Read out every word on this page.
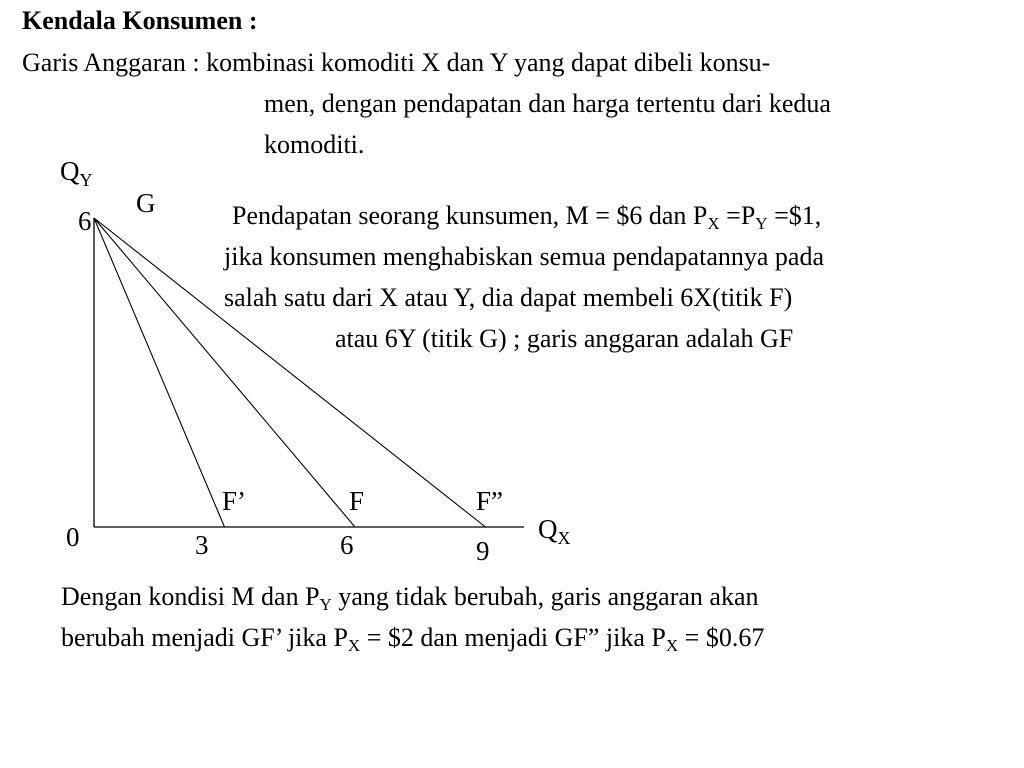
Kendala Konsumen :
Garis Anggaran : kombinasi komoditi X dan Y yang dapat dibeli konsu-
men, dengan pendapatan dan harga tertentu dari kedua
komoditi.
Pendapatan seorang kunsumen, M = $6 dan $P_X =P_Y$ =$1,
jika konsumen menghabiskan semua pendapatannya pada
salah satu dari X atau Y, dia dapat membeli 6X(titik F)
atau 6Y (titik G) ; garis anggaran adalah GF
$Q_Y$
G
6
0	$Q_X$
F’	F	F”
3	6	9
Dengan kondisi M dan $P_Y$ yang tidak berubah, garis anggaran akan
berubah menjadi GF’ jika $P_X$ = $2 dan menjadi GF” jika $P_X$ = $0.67
